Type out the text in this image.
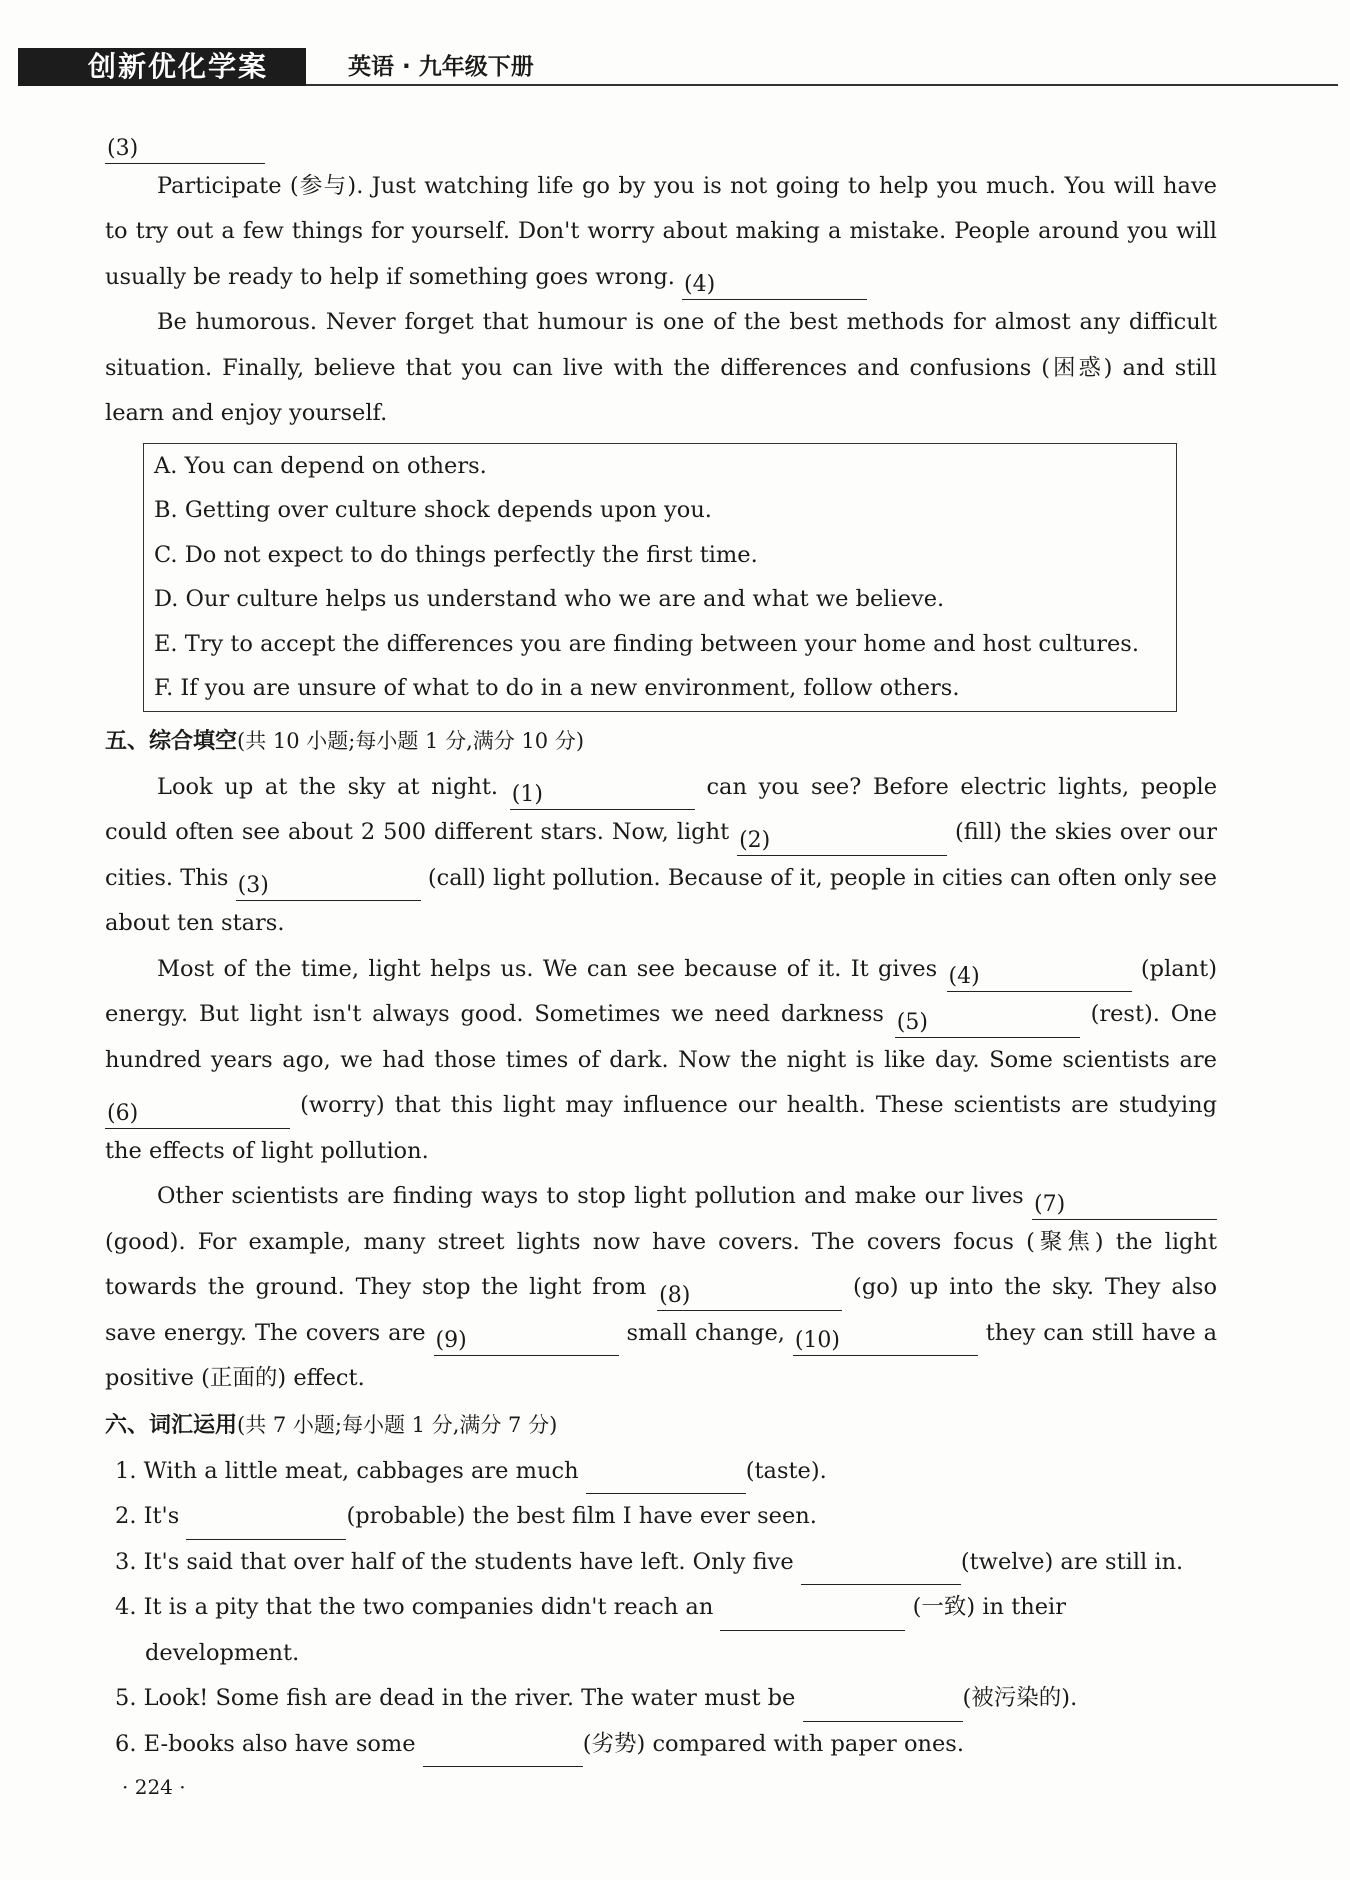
创新优化学案	英语 · 九年级下册

(3)

Participate (参与). Just watching life go by you is not going to help you much. You will have to try out a few things for yourself. Don't worry about making a mistake. People around you will usually be ready to help if something goes wrong. (4)

Be humorous. Never forget that humour is one of the best methods for almost any difficult situation. Finally, believe that you can live with the differences and confusions (困惑) and still learn and enjoy yourself.

A. You can depend on others.
B. Getting over culture shock depends upon you.
C. Do not expect to do things perfectly the first time.
D. Our culture helps us understand who we are and what we believe.
E. Try to accept the differences you are finding between your home and host cultures.
F. If you are unsure of what to do in a new environment, follow others.
五、综合填空(共 10 小题;每小题 1 分,满分 10 分)

Look up at the sky at night. (1)	can you see? Before electric lights, people could often see about 2 500 different stars. Now, light (2)	(fill) the skies over our cities. This (3)	(call) light pollution. Because of it, people in cities can often only see about ten stars.

Most of the time, light helps us. We can see because of it. It gives (4)	(plant) energy. But light isn't always good. Sometimes we need darkness (5)	(rest). One hundred years ago, we had those times of dark. Now the night is like day. Some scientists are (6)	(worry) that this light may influence our health. These scientists are studying the effects of light pollution.

Other scientists are finding ways to stop light pollution and make our lives (7) (good). For example, many street lights now have covers. The covers focus (聚焦) the light towards the ground. They stop the light from (8)	(go) up into the sky. They also save energy. The covers are (9)	small change, (10)	they can still have a positive (正面的) effect.

六、词汇运用(共 7 小题;每小题 1 分,满分 7 分)
1. With a little meat, cabbages are much	(taste).
2. It's	(probable) the best film I have ever seen.
3. It's said that over half of the students have left. Only five	(twelve) are still in.
4. It is a pity that the two companies didn't reach an	(一致) in their
development.
5. Look! Some fish are dead in the river. The water must be	(被污染的).
6. E-books also have some	(劣势) compared with paper ones.
· 224 ·
